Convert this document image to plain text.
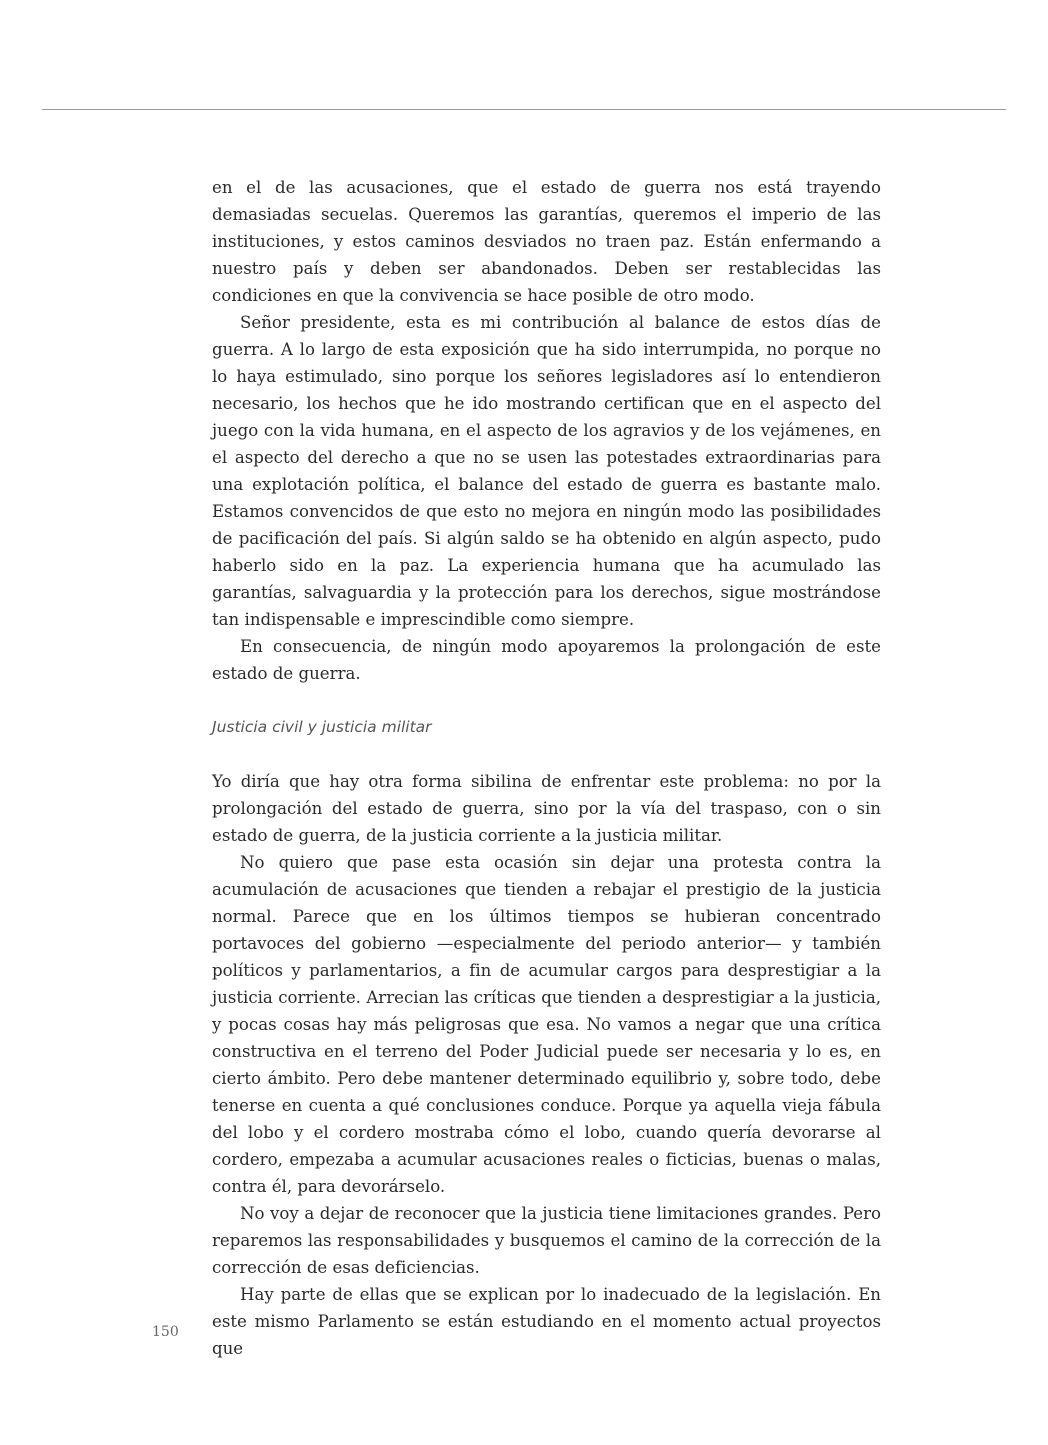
en el de las acusaciones, que el estado de guerra nos está trayendo demasiadas secuelas. Queremos las garantías, queremos el imperio de las instituciones, y estos caminos desviados no traen paz. Están enfermando a nuestro país y deben ser abandonados. Deben ser restablecidas las condiciones en que la convivencia se hace posible de otro modo.

Señor presidente, esta es mi contribución al balance de estos días de guerra. A lo largo de esta exposición que ha sido interrumpida, no porque no lo haya estimulado, sino porque los señores legisladores así lo entendieron necesario, los hechos que he ido mostrando certifican que en el aspecto del juego con la vida humana, en el aspecto de los agravios y de los vejámenes, en el aspecto del derecho a que no se usen las potestades extraordinarias para una explotación política, el balance del estado de guerra es bastante malo. Estamos convencidos de que esto no mejora en ningún modo las posibilidades de pacificación del país. Si algún saldo se ha obtenido en algún aspecto, pudo haberlo sido en la paz. La experiencia humana que ha acumulado las garantías, salvaguardia y la protección para los derechos, sigue mostrándose tan indispensable e imprescindible como siempre.

En consecuencia, de ningún modo apoyaremos la prolongación de este estado de guerra.

Justicia civil y justicia militar

Yo diría que hay otra forma sibilina de enfrentar este problema: no por la prolongación del estado de guerra, sino por la vía del traspaso, con o sin estado de guerra, de la justicia corriente a la justicia militar.

No quiero que pase esta ocasión sin dejar una protesta contra la acumulación de acusaciones que tienden a rebajar el prestigio de la justicia normal. Parece que en los últimos tiempos se hubieran concentrado portavoces del gobierno —especialmente del periodo anterior— y también políticos y parlamentarios, a fin de acumular cargos para desprestigiar a la justicia corriente. Arrecian las críticas que tienden a desprestigiar a la justicia, y pocas cosas hay más peligrosas que esa. No vamos a negar que una crítica constructiva en el terreno del Poder Judicial puede ser necesaria y lo es, en cierto ámbito. Pero debe mantener determinado equilibrio y, sobre todo, debe tenerse en cuenta a qué conclusiones conduce. Porque ya aquella vieja fábula del lobo y el cordero mostraba cómo el lobo, cuando quería devorarse al cordero, empezaba a acumular acusaciones reales o ficticias, buenas o malas, contra él, para devorárselo.

No voy a dejar de reconocer que la justicia tiene limitaciones grandes. Pero reparemos las responsabilidades y busquemos el camino de la corrección de la corrección de esas deficiencias.

Hay parte de ellas que se explican por lo inadecuado de la legislación. En este mismo Parlamento se están estudiando en el momento actual proyectos que

150
